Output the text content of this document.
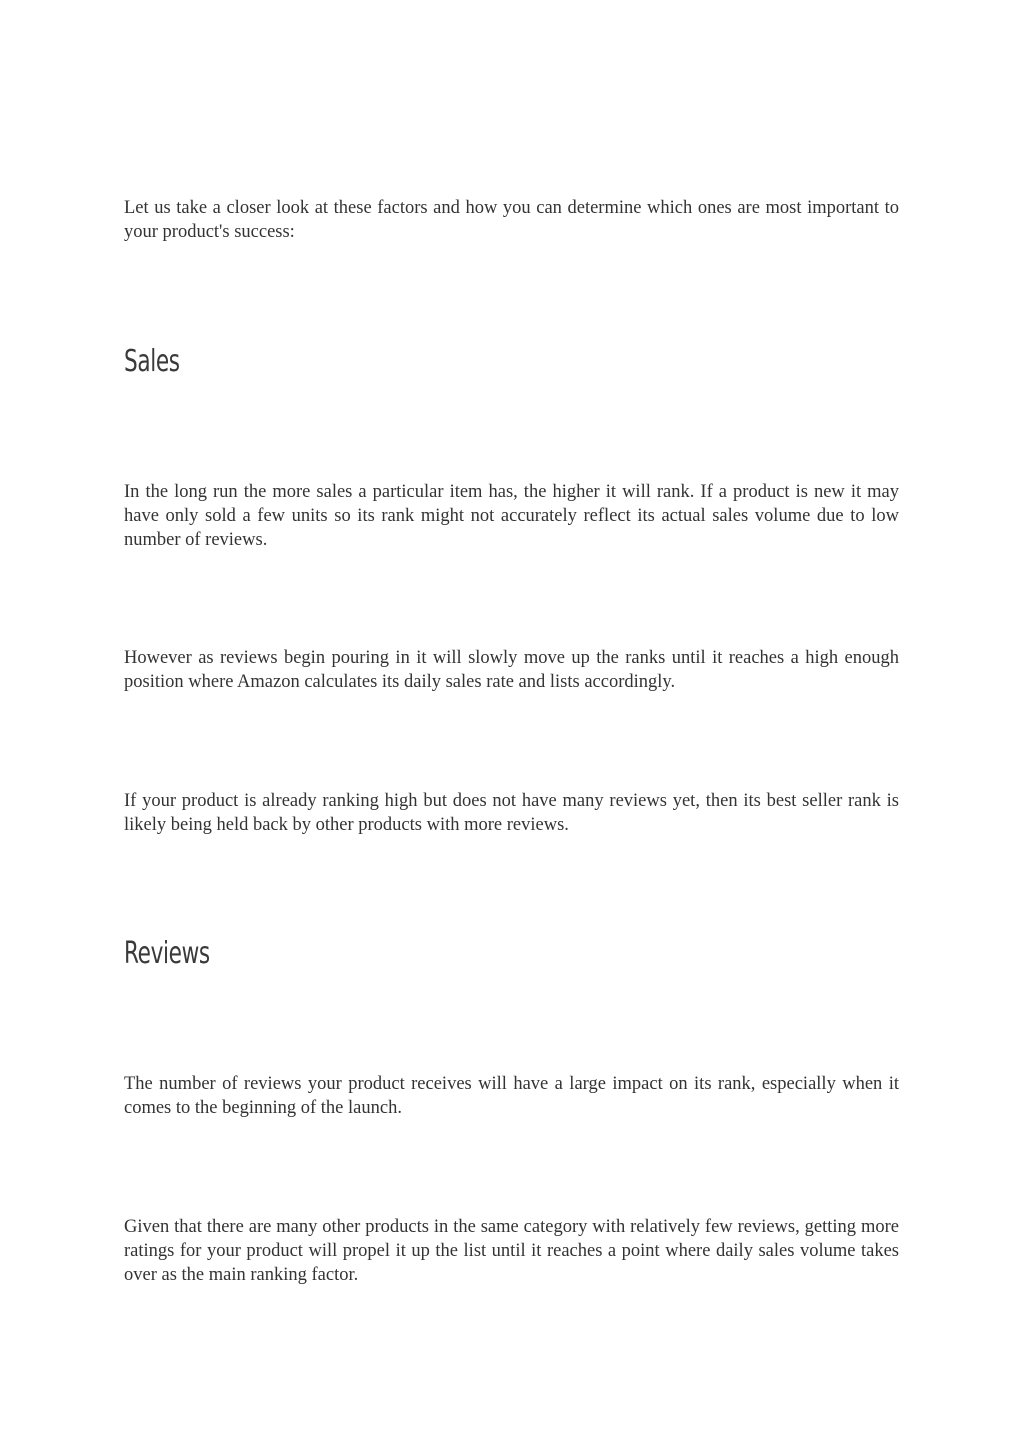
Let us take a closer look at these factors and how you can determine which ones are most important to your product's success:

Sales

In the long run the more sales a particular item has, the higher it will rank. If a product is new it may have only sold a few units so its rank might not accurately reflect its actual sales volume due to low number of reviews.

However as reviews begin pouring in it will slowly move up the ranks until it reaches a high enough position where Amazon calculates its daily sales rate and lists accordingly.

If your product is already ranking high but does not have many reviews yet, then its best seller rank is likely being held back by other products with more reviews.

Reviews

The number of reviews your product receives will have a large impact on its rank, especially when it comes to the beginning of the launch.

Given that there are many other products in the same category with relatively few reviews, getting more ratings for your product will propel it up the list until it reaches a point where daily sales volume takes over as the main ranking factor.
